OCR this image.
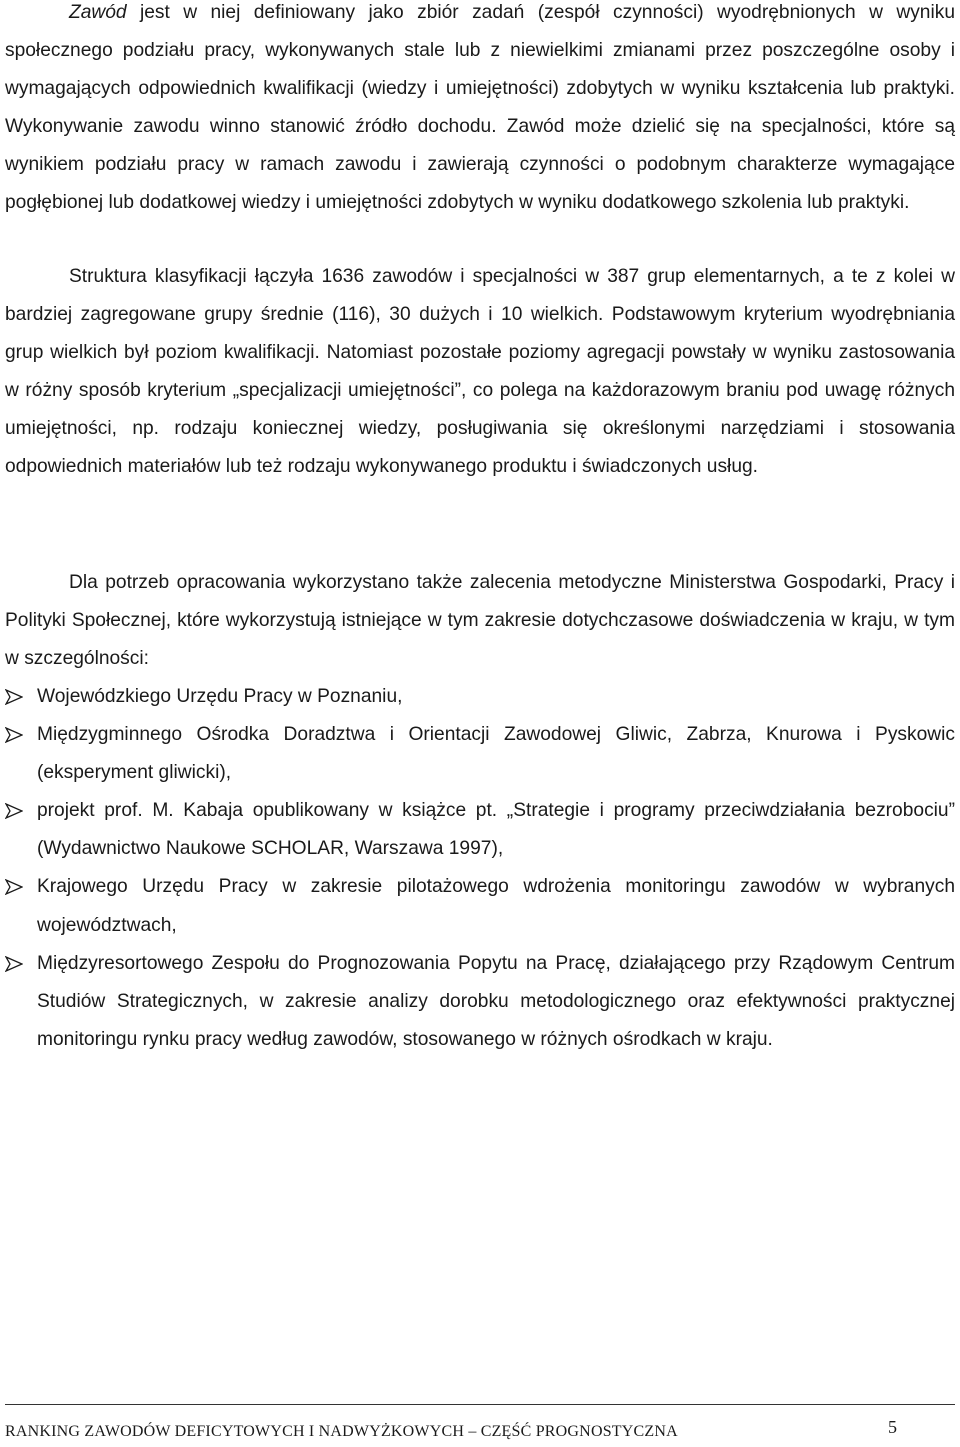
Zawód jest w niej definiowany jako zbiór zadań (zespół czynności) wyodrębnionych w wyniku społecznego podziału pracy, wykonywanych stale lub z niewielkimi zmianami przez poszczególne osoby i wymagających odpowiednich kwalifikacji (wiedzy i umiejętności) zdobytych w wyniku kształcenia lub praktyki. Wykonywanie zawodu winno stanowić źródło dochodu. Zawód może dzielić się na specjalności, które są wynikiem podziału pracy w ramach zawodu i zawierają czynności o podobnym charakterze wymagające pogłębionej lub dodatkowej wiedzy i umiejętności zdobytych w wyniku dodatkowego szkolenia lub praktyki.

Struktura klasyfikacji łączyła 1636 zawodów i specjalności w 387 grup elementarnych, a te z kolei w bardziej zagregowane grupy średnie (116), 30 dużych i 10 wielkich. Podstawowym kryterium wyodrębniania grup wielkich był poziom kwalifikacji. Natomiast pozostałe poziomy agregacji powstały w wyniku zastosowania w różny sposób kryterium „specjalizacji umiejętności”, co polega na każdorazowym braniu pod uwagę różnych umiejętności, np. rodzaju koniecznej wiedzy, posługiwania się określonymi narzędziami i stosowania odpowiednich materiałów lub też rodzaju wykonywanego produktu i świadczonych usług.

Dla potrzeb opracowania wykorzystano także zalecenia metodyczne Ministerstwa Gospodarki, Pracy i Polityki Społecznej, które wykorzystują istniejące w tym zakresie dotychczasowe doświadczenia w kraju, w tym w szczególności:

Wojewódzkiego Urzędu Pracy w Poznaniu,
Międzygminnego Ośrodka Doradztwa i Orientacji Zawodowej Gliwic, Zabrza, Knurowa i Pyskowic (eksperyment gliwicki),
projekt prof. M. Kabaja opublikowany w książce pt. „Strategie i programy przeciwdziałania bezrobociu” (Wydawnictwo Naukowe SCHOLAR, Warszawa 1997),
Krajowego Urzędu Pracy w zakresie pilotażowego wdrożenia monitoringu zawodów w wybranych województwach,
Międzyresortowego Zespołu do Prognozowania Popytu na Pracę, działającego przy Rządowym Centrum Studiów Strategicznych, w zakresie analizy dorobku metodologicznego oraz efektywności praktycznej monitoringu rynku pracy według zawodów, stosowanego w różnych ośrodkach w kraju.
RANKING ZAWODÓW DEFICYTOWYCH I NADWYŻKOWYCH – CZĘŚĆ PROGNOSTYCZNA	5
